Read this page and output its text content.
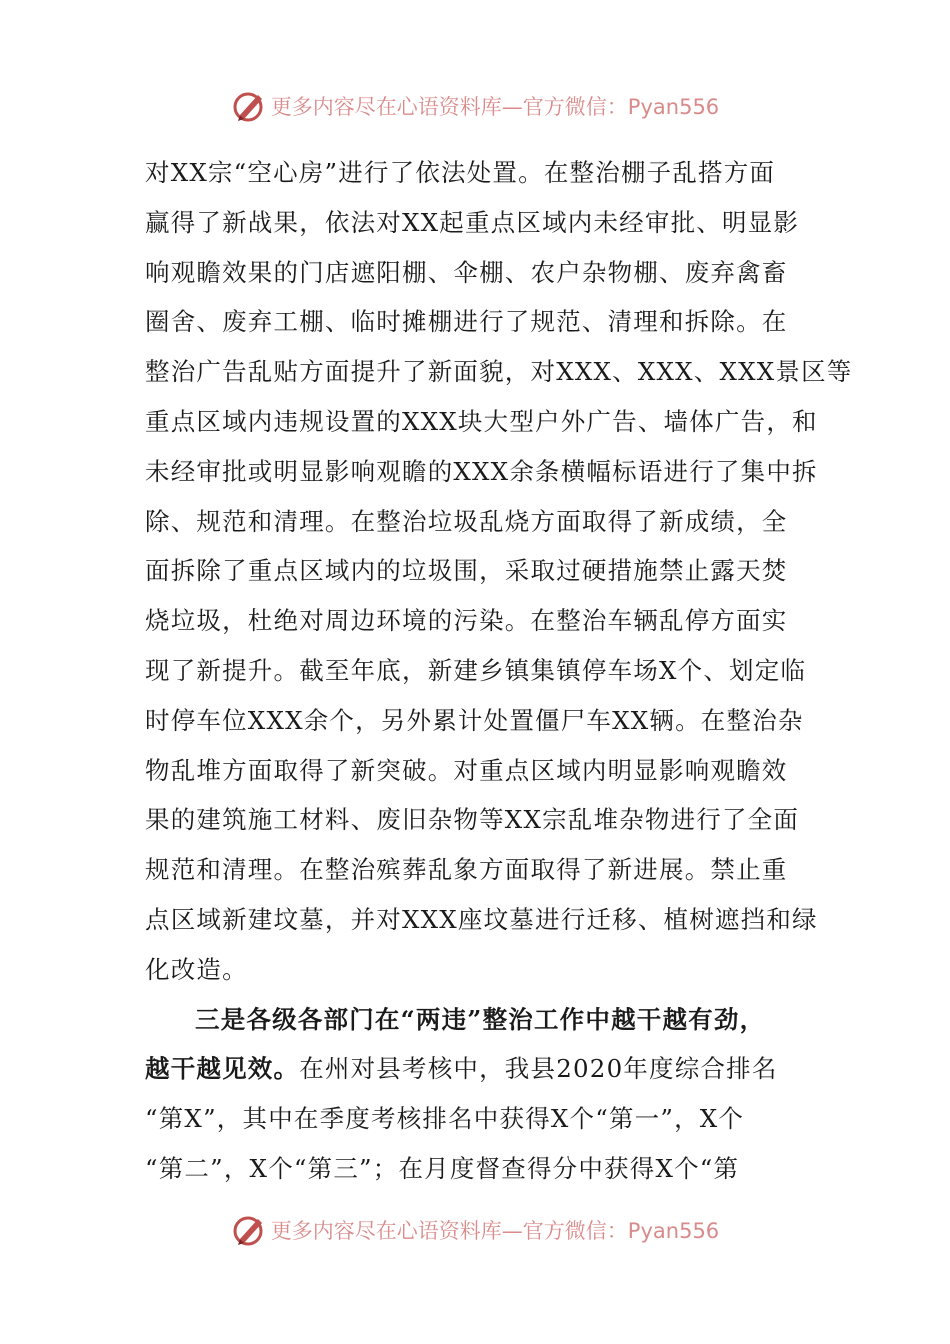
更多内容尽在心语资料库—官方微信：Pyan556
对XX宗“空心房”进行了依法处置。在整治棚子乱搭方面
赢得了新战果，依法对XX起重点区域内未经审批、明显影
响观瞻效果的门店遮阳棚、伞棚、农户杂物棚、废弃禽畜
圈舍、废弃工棚、临时摊棚进行了规范、清理和拆除。在
整治广告乱贴方面提升了新面貌，对XXX、XXX、XXX景区等
重点区域内违规设置的XXX块大型户外广告、墙体广告，和
未经审批或明显影响观瞻的XXX余条横幅标语进行了集中拆
除、规范和清理。在整治垃圾乱烧方面取得了新成绩，全
面拆除了重点区域内的垃圾围，采取过硬措施禁止露天焚
烧垃圾，杜绝对周边环境的污染。在整治车辆乱停方面实
现了新提升。截至年底，新建乡镇集镇停车场X个、划定临
时停车位XXX余个，另外累计处置僵尸车XX辆。在整治杂
物乱堆方面取得了新突破。对重点区域内明显影响观瞻效
果的建筑施工材料、废旧杂物等XX宗乱堆杂物进行了全面
规范和清理。在整治殡葬乱象方面取得了新进展。禁止重
点区域新建坟墓，并对XXX座坟墓进行迁移、植树遮挡和绿
化改造。
三是各级各部门在“两违”整治工作中越干越有劲，
越干越见效。在州对县考核中，我县2020年度综合排名
“第X”，其中在季度考核排名中获得X个“第一”，X个
“第二”，X个“第三”；在月度督查得分中获得X个“第
更多内容尽在心语资料库—官方微信：Pyan556
